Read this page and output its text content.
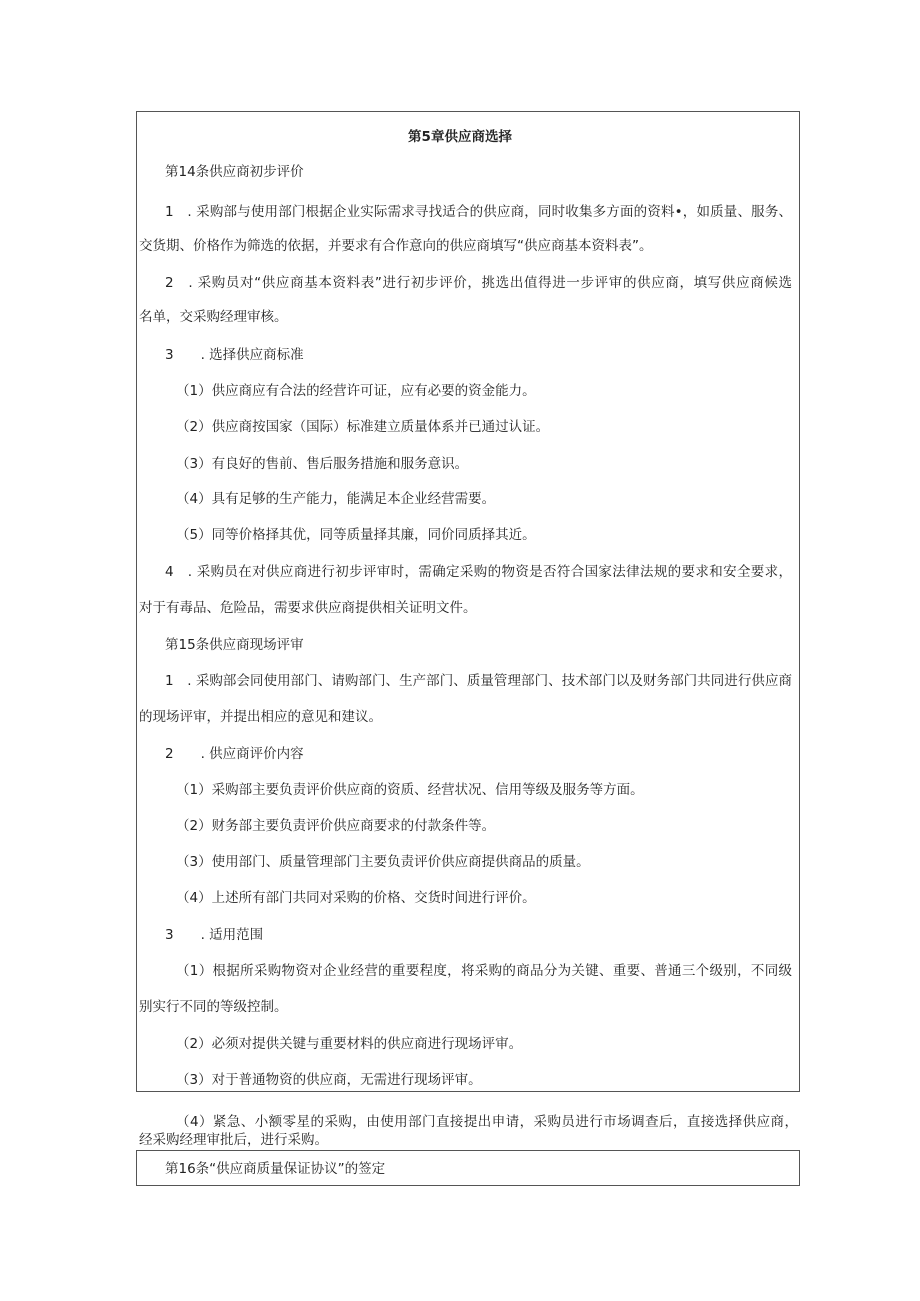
第5章供应商选择
第14条供应商初步评价
1　. 采购部与使用部门根据企业实际需求寻找适合的供应商，同时收集多方面的资料•，如质量、服务、
交货期、价格作为筛选的依据，并要求有合作意向的供应商填写“供应商基本资料表”。
2　. 采购员对“供应商基本资料表”进行初步评价，挑选出值得进一步评审的供应商，填写供应商候选
名单，交采购经理审核。
3　　. 选择供应商标准
（1）供应商应有合法的经营许可证，应有必要的资金能力。
（2）供应商按国家（国际）标准建立质量体系并已通过认证。
（3）有良好的售前、售后服务措施和服务意识。
（4）具有足够的生产能力，能满足本企业经营需要。
（5）同等价格择其优，同等质量择其廉，同价同质择其近。
4　. 采购员在对供应商进行初步评审时，需确定采购的物资是否符合国家法律法规的要求和安全要求，
对于有毒品、危险品，需要求供应商提供相关证明文件。
第15条供应商现场评审
1　. 采购部会同使用部门、请购部门、生产部门、质量管理部门、技术部门以及财务部门共同进行供应商
的现场评审，并提出相应的意见和建议。
2　　. 供应商评价内容
（1）采购部主要负责评价供应商的资质、经营状况、信用等级及服务等方面。
（2）财务部主要负责评价供应商要求的付款条件等。
（3）使用部门、质量管理部门主要负责评价供应商提供商品的质量。
（4）上述所有部门共同对采购的价格、交货时间进行评价。
3　　. 适用范围
（1）根据所采购物资对企业经营的重要程度，将采购的商品分为关键、重要、普通三个级别，不同级
别实行不同的等级控制。
（2）必须对提供关键与重要材料的供应商进行现场评审。
（3）对于普通物资的供应商，无需进行现场评审。
（4）紧急、小额零星的采购，由使用部门直接提出申请，采购员进行市场调查后，直接选择供应商，
经采购经理审批后，进行采购。
第16条“供应商质量保证协议”的签定
